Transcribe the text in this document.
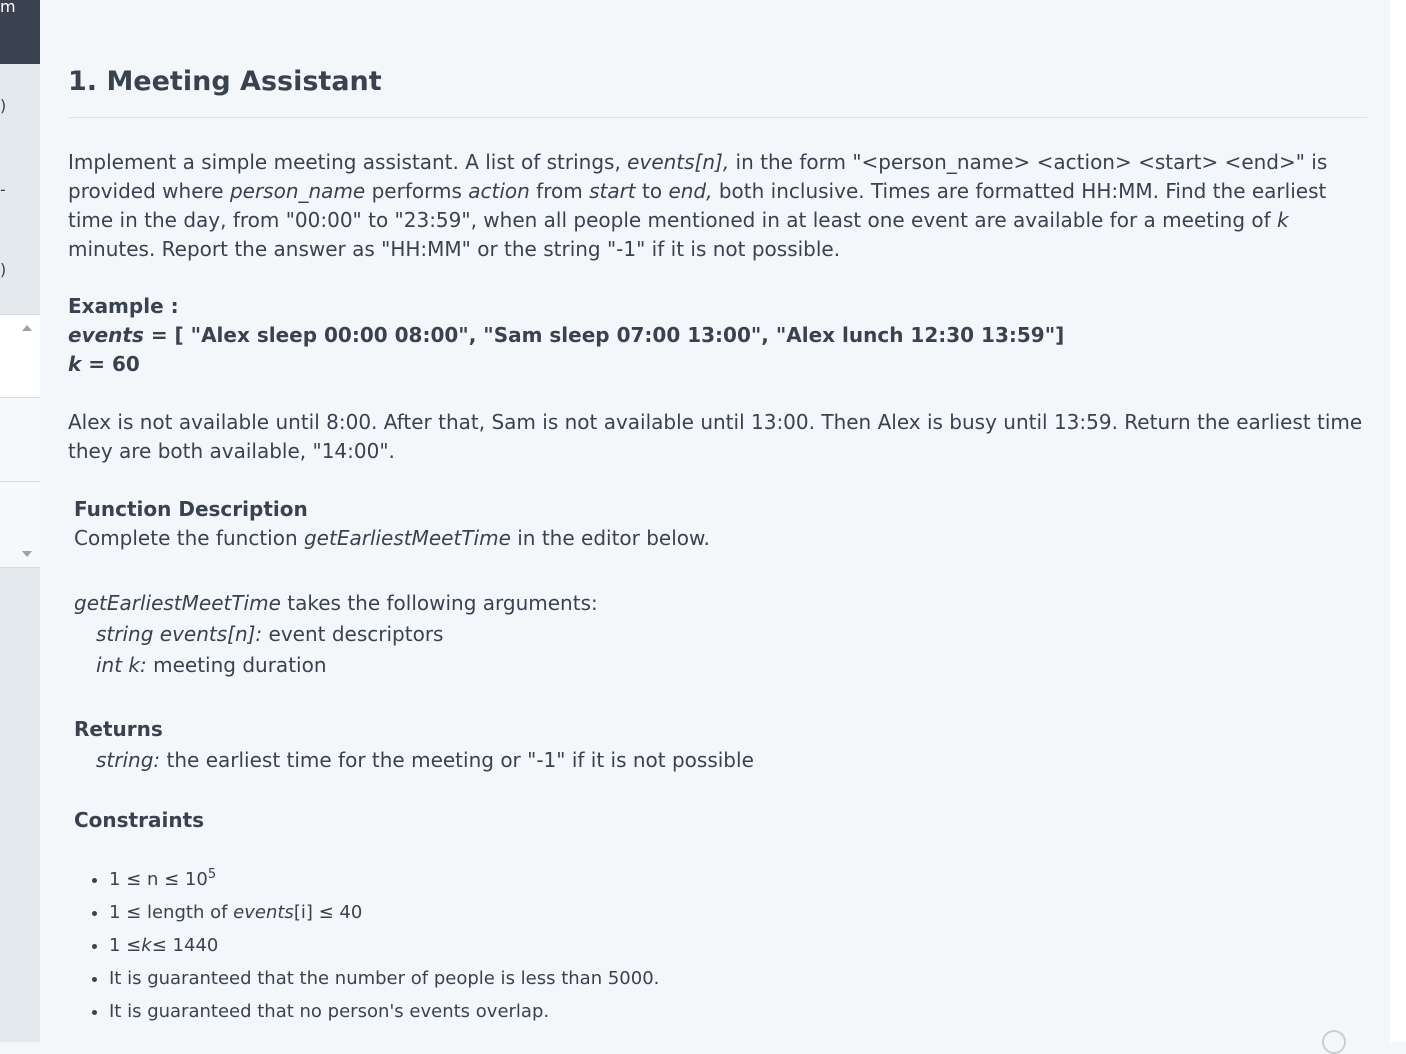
m
)
-
)
1. Meeting Assistant

Implement a simple meeting assistant. A list of strings, events[n], in the form "<person_name> <action> <start> <end>" is provided where person_name performs action from start to end, both inclusive. Times are formatted HH:MM. Find the earliest time in the day, from "00:00" to "23:59", when all people mentioned in at least one event are available for a meeting of k minutes. Report the answer as "HH:MM" or the string "-1" if it is not possible.

Example :
events = [ "Alex sleep 00:00 08:00", "Sam sleep 07:00 13:00", "Alex lunch 12:30 13:59"]
k = 60

Alex is not available until 8:00. After that, Sam is not available until 13:00. Then Alex is busy until 13:59. Return the earliest time they are both available, "14:00".

Function Description
Complete the function getEarliestMeetTime in the editor below.
getEarliestMeetTime takes the following arguments:
string events[n]: event descriptors
int k: meeting duration
Returns
string: the earliest time for the meeting or "-1" if it is not possible
Constraints
• $1 \le n \le 10^5$
• 1 ≤ length of events[i] ≤ 40
• 1 ≤k≤ 1440
• It is guaranteed that the number of people is less than 5000.
• It is guaranteed that no person's events overlap.
